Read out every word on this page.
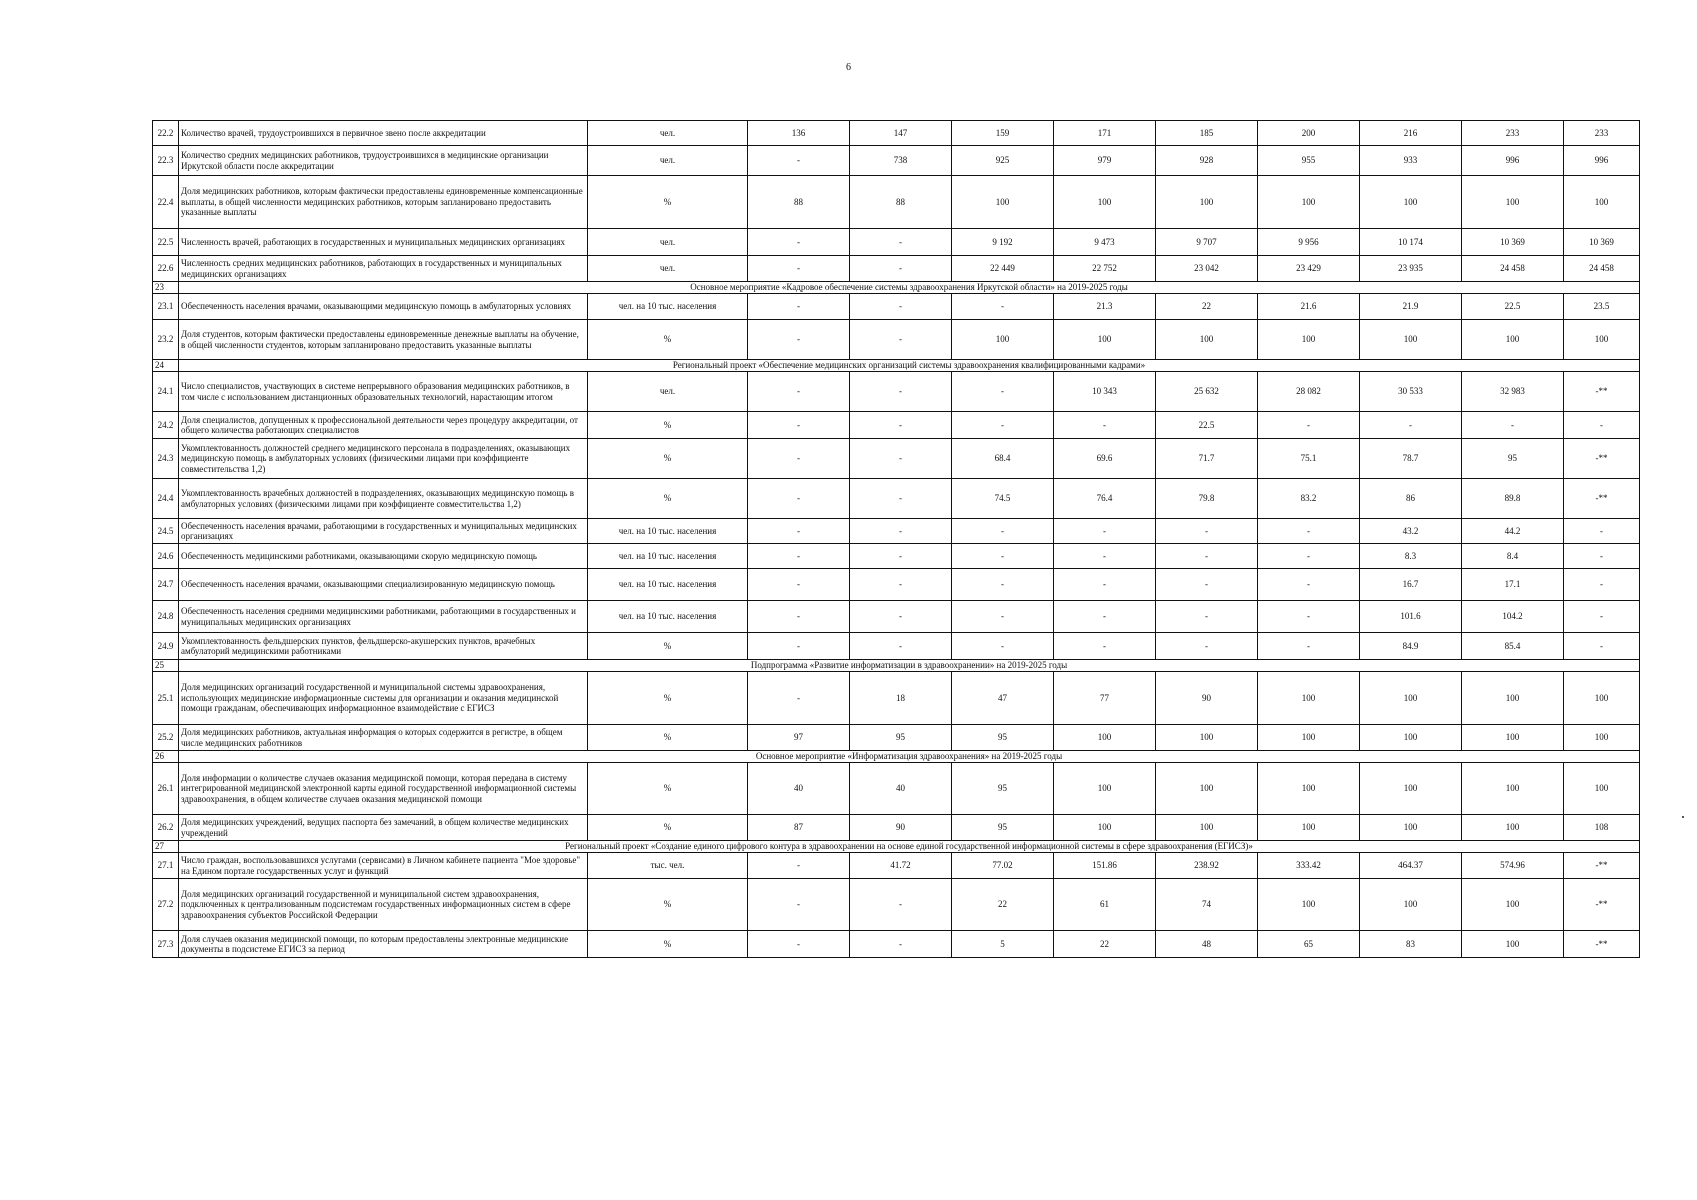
6
22.2	Количество врачей, трудоустроившихся в первичное звено после аккредитации	чел.	136	147	159	171	185	200	216	233	233
22.3	Количество средних медицинских работников, трудоустроившихся в медицинские организации Иркутской области после аккредитации	чел.	-	738	925	979	928	955	933	996	996
22.4	Доля медицинских работников, которым фактически предоставлены единовременные компенсационные выплаты, в общей численности медицинских работников, которым запланировано предоставить указанные выплаты	%	88	88	100	100	100	100	100	100	100
22.5	Численность врачей, работающих в государственных и муниципальных медицинских организациях	чел.	-	-	9 192	9 473	9 707	9 956	10 174	10 369	10 369
22.6	Численность средних медицинских работников, работающих в государственных и муниципальных медицинских организациях	чел.	-	-	22 449	22 752	23 042	23 429	23 935	24 458	24 458
23	Основное мероприятие «Кадровое обеспечение системы здравоохранения Иркутской области» на 2019-2025 годы										
23.1	Обеспеченность населения врачами, оказывающими медицинскую помощь в амбулаторных условиях	чел. на 10 тыс. населения	-	-	-	21.3	22	21.6	21.9	22.5	23.5
23.2	Доля студентов, которым фактически предоставлены единовременные денежные выплаты на обучение, в общей численности студентов, которым запланировано предоставить указанные выплаты	%	-	-	100	100	100	100	100	100	100
24	Региональный проект «Обеспечение медицинских организаций системы здравоохранения квалифицированными кадрами»										
24.1	Число специалистов, участвующих в системе непрерывного образования медицинских работников, в том числе с использованием дистанционных образовательных технологий, нарастающим итогом	чел.	-	-	-	10 343	25 632	28 082	30 533	32 983	-**
24.2	Доля специалистов, допущенных к профессиональной деятельности через процедуру аккредитации, от общего количества работающих специалистов	%	-	-	-	-	22.5	-	-	-	-
24.3	Укомплектованность должностей среднего медицинского персонала в подразделениях, оказывающих медицинскую помощь в амбулаторных условиях (физическими лицами при коэффициенте совместительства 1,2)	%	-	-	68.4	69.6	71.7	75.1	78.7	95	-**
24.4	Укомплектованность врачебных должностей в подразделениях, оказывающих медицинскую помощь в амбулаторных условиях (физическими лицами при коэффициенте совместительства 1,2)	%	-	-	74.5	76.4	79.8	83.2	86	89.8	-**
24.5	Обеспеченность населения врачами, работающими в государственных и муниципальных медицинских организациях	чел. на 10 тыс. населения	-	-	-	-	-	-	43.2	44.2	-
24.6	Обеспеченность медицинскими работниками, оказывающими скорую медицинскую помощь	чел. на 10 тыс. населения	-	-	-	-	-	-	8.3	8.4	-
24.7	Обеспеченность населения врачами, оказывающими специализированную медицинскую помощь	чел. на 10 тыс. населения	-	-	-	-	-	-	16.7	17.1	-
24.8	Обеспеченность населения средними медицинскими работниками, работающими в государственных и муниципальных медицинских организациях	чел. на 10 тыс. населения	-	-	-	-	-	-	101.6	104.2	-
24.9	Укомплектованность фельдшерских пунктов, фельдшерско-акушерских пунктов, врачебных амбулаторий медицинскими работниками	%	-	-	-	-	-	-	84.9	85.4	-
25	Подпрограмма «Развитие информатизации в здравоохранении» на 2019-2025 годы										
25.1	Доля медицинских организаций государственной и муниципальной системы здравоохранения, использующих медицинские информационные системы для организации и оказания медицинской помощи гражданам, обеспечивающих информационное взаимодействие с ЕГИСЗ	%	-	18	47	77	90	100	100	100	100
25.2	Доля медицинских работников, актуальная информация о которых содержится в регистре, в общем числе медицинских работников	%	97	95	95	100	100	100	100	100	100
26	Основное мероприятие «Информатизация здравоохранения» на 2019-2025 годы										
26.1	Доля информации о количестве случаев оказания медицинской помощи, которая передана в систему интегрированной медицинской электронной карты единой государственной информационной системы здравоохранения, в общем количестве случаев оказания медицинской помощи	%	40	40	95	100	100	100	100	100	100
26.2	Доля медицинских учреждений, ведущих паспорта без замечаний, в общем количестве медицинских учреждений	%	87	90	95	100	100	100	100	100	108
27	Региональный проект «Создание единого цифрового контура в здравоохранении на основе единой государственной информационной системы в сфере здравоохранения (ЕГИСЗ)»										
27.1	Число граждан, воспользовавшихся услугами (сервисами) в Личном кабинете пациента "Мое здоровье" на Едином портале государственных услуг и функций	тыс. чел.	-	41.72	77.02	151.86	238.92	333.42	464.37	574.96	-**
27.2	Доля медицинских организаций государственной и муниципальной систем здравоохранения, подключенных к централизованным подсистемам государственных информационных систем в сфере здравоохранения субъектов Российской Федерации	%	-	-	22	61	74	100	100	100	-**
27.3	Доля случаев оказания медицинской помощи, по которым предоставлены электронные медицинские документы в подсистеме ЕГИСЗ за период	%	-	-	5	22	48	65	83	100	-**
